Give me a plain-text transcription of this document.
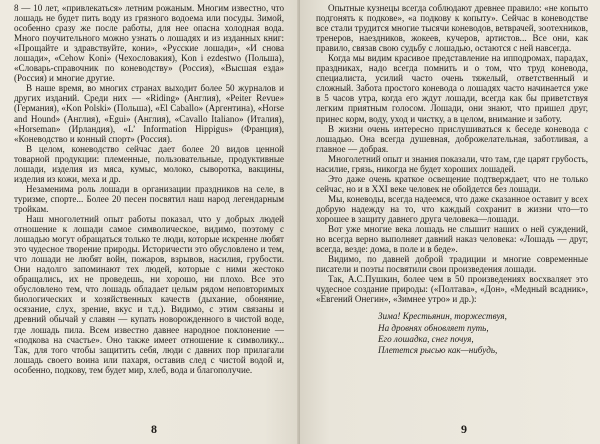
8 — 10 лет, «привлекаться» летним рожаным. Многим известно, что лошадь не будет пить воду из грязного водоема или посуды. Зимой, особенно сразу же после работы, для нее опасна холодная вода. Много поучительного можно узнать о лошадях и из изданных книг: «Прощайте и здравствуйте, кони», «Русские лошади», «И снова лошади», «Cehow Koni» (Чехословакия), Kon i ezdestwo (Польша), «Словарь-справочник по коневодству» (Россия), «Высшая езда» (Россия) и многие другие.

В наше время, во многих странах выходит более 50 журналов и других изданий. Среди них — «Riding» (Англия), «Peiter Revue» (Германия), «Kon Polski» (Польша), «El Caballo» (Аргентина), «Horse and Hound» (Англия), «Egui» (Англия), «Cavallo Italiano» (Италия), «Horseman» (Ирландия), «L’ Information Hippigus» (Франция), «Коневодство и конный спорт» (Россия).

В целом, коневодство сейчас дает более 20 видов ценной товарной продукции: племенные, пользовательные, продуктивные лошади, изделия из мяса, кумыс, молоко, сыворотка, вакцины, изделия из кожи, меха и др.

Незаменима роль лошади в организации праздников на селе, в туризме, спорте... Более 20 песен посвятил наш народ легендарным тройкам.

Наш многолетний опыт работы показал, что у добрых людей отношение к лошади самое символическое, видимо, поэтому с лошадью могут обращаться только те люди, которые искренне любят это чудесное творение природы. Историчести это обусловлено и тем, что лошади не любят войн, пожаров, взрывов, насилия, грубости. Они надолго запоминают тех людей, которые с ними жестоко обращались, их не проведешь, ни хорошо, ни плохо. Все это обусловлено тем, что лошадь обладает целым рядом неповторимых биологических и хозяйственных качеств (дыхание, обоняние, осязание, слух, зрение, вкус и т.д.). Видимо, с этим связаны и древний обычай у славян — купать новорожденного в чистой воде, где лошадь пила. Всем известно давнее народное поклонение — «подкова на счастье». Оно также имеет отношение к символику... Так, для того чтобы защитить себя, люди с давних пор прилагали лошадь своего воина или пахаря, оставив след с чистой водой и, особенно, подкову, тем будет мир, хлеб, вода и благополучие.

8

Опытные кузнецы всегда соблюдают древнее правило: «не копыто подгонять к подкове», «а подкову к копыту». Сейчас в коневодстве все стали трудится многие тысячи коневодов, ветврачей, зоотехников, тренеров, наездников, жокеев, кучеров, артистов... Все они, как правило, связав свою судьбу с лошадью, остаются с ней навсегда.

Когда мы видим красивое представление на ипподромах, парадах, праздниках, надо всегда помнить и о том, что труд коневода, специалиста, усилий часто очень тяжелый, ответственный и сложный. Забота простого коневода о лошадях часто начинается уже в 5 часов утра, когда его ждут лошади, всегда как бы приветствуя легким приятным голосом. Лошади, они знают, что пришел друг, принес корм, воду, уход и чистку, а в целом, внимание и заботу.

В жизни очень интересно прислушиваться к беседе коневода с лошадью. Она всегда душевная, доброжелательная, заботливая, а главное — добрая.

Многолетний опыт и знания показали, что там, где царят грубость, насилие, грязь, никогда не будет хороших лошадей.

Это даже очень краткое освещение подтверждает, что не только сейчас, но и в XXI веке человек не обойдется без лошади.

Мы, коневоды, всегда надеемся, что даже сказанное оставит у всех добрую надежду на то, что каждый сохранит в жизни что—то хорошее в защиту давнего друга человека—лошади.

Вот уже многие века лошадь не слышит наших о ней суждений, но всегда верно выполняет давний наказ человека: «Лошадь — друг, всегда, везде: дома, в поле и в беде».

Видимо, по давней доброй традиции и многие современные писатели и поэты посвятили свои произведения лошади.

Так, А.С.Пушкин, более чем в 50 произведениях восхваляет это чудесное создание природы: («Полтава», «Дон», «Медный всадник», «Евгений Онегин», «Зимнее утро» и др.):

Зима! Крестьянин, торжествуя,
На дровнях обновляет путь,
Его лошадка, снег почуя,
Плетется рысью как—нибудь,
9
